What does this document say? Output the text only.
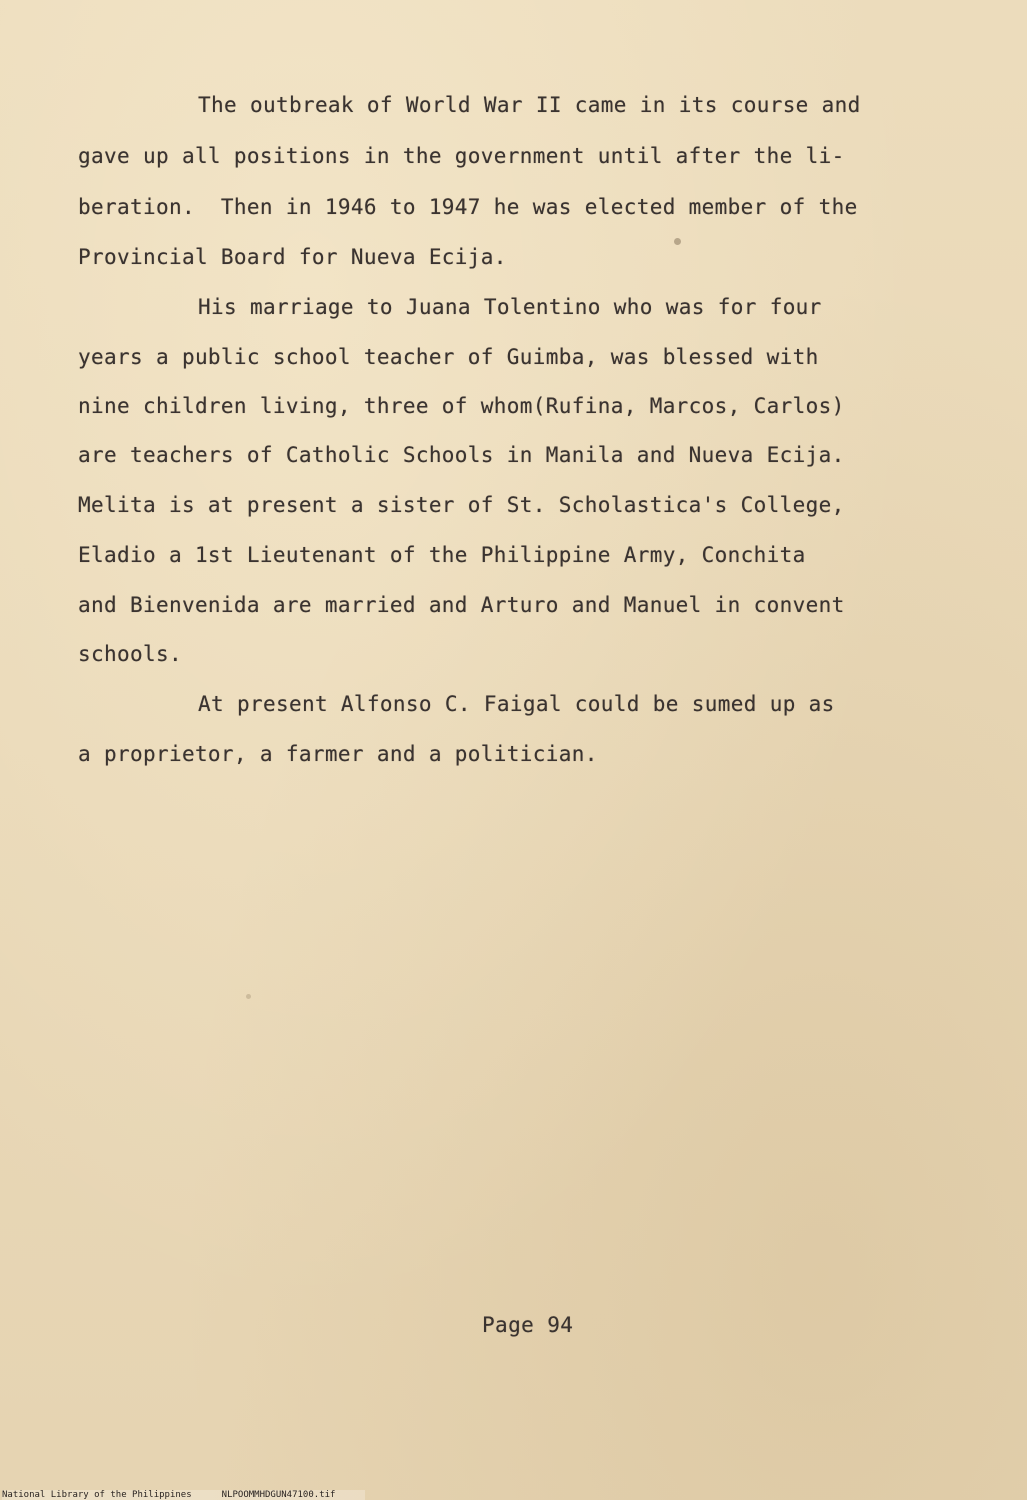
The outbreak of World War II came in its course and
gave up all positions in the government until after the li-
beration.  Then in 1946 to 1947 he was elected member of the
Provincial Board for Nueva Ecija.
His marriage to Juana Tolentino who was for four
years a public school teacher of Guimba, was blessed with
nine children living, three of whom(Rufina, Marcos, Carlos)
are teachers of Catholic Schools in Manila and Nueva Ecija.
Melita is at present a sister of St. Scholastica's College,
Eladio a 1st Lieutenant of the Philippine Army, Conchita
and Bienvenida are married and Arturo and Manuel in convent
schools.
At present Alfonso C. Faigal could be sumed up as
a proprietor, a farmer and a politician.
Page 94
National Library of the Philippines	NLPOOMMHDGUN47100.tif
